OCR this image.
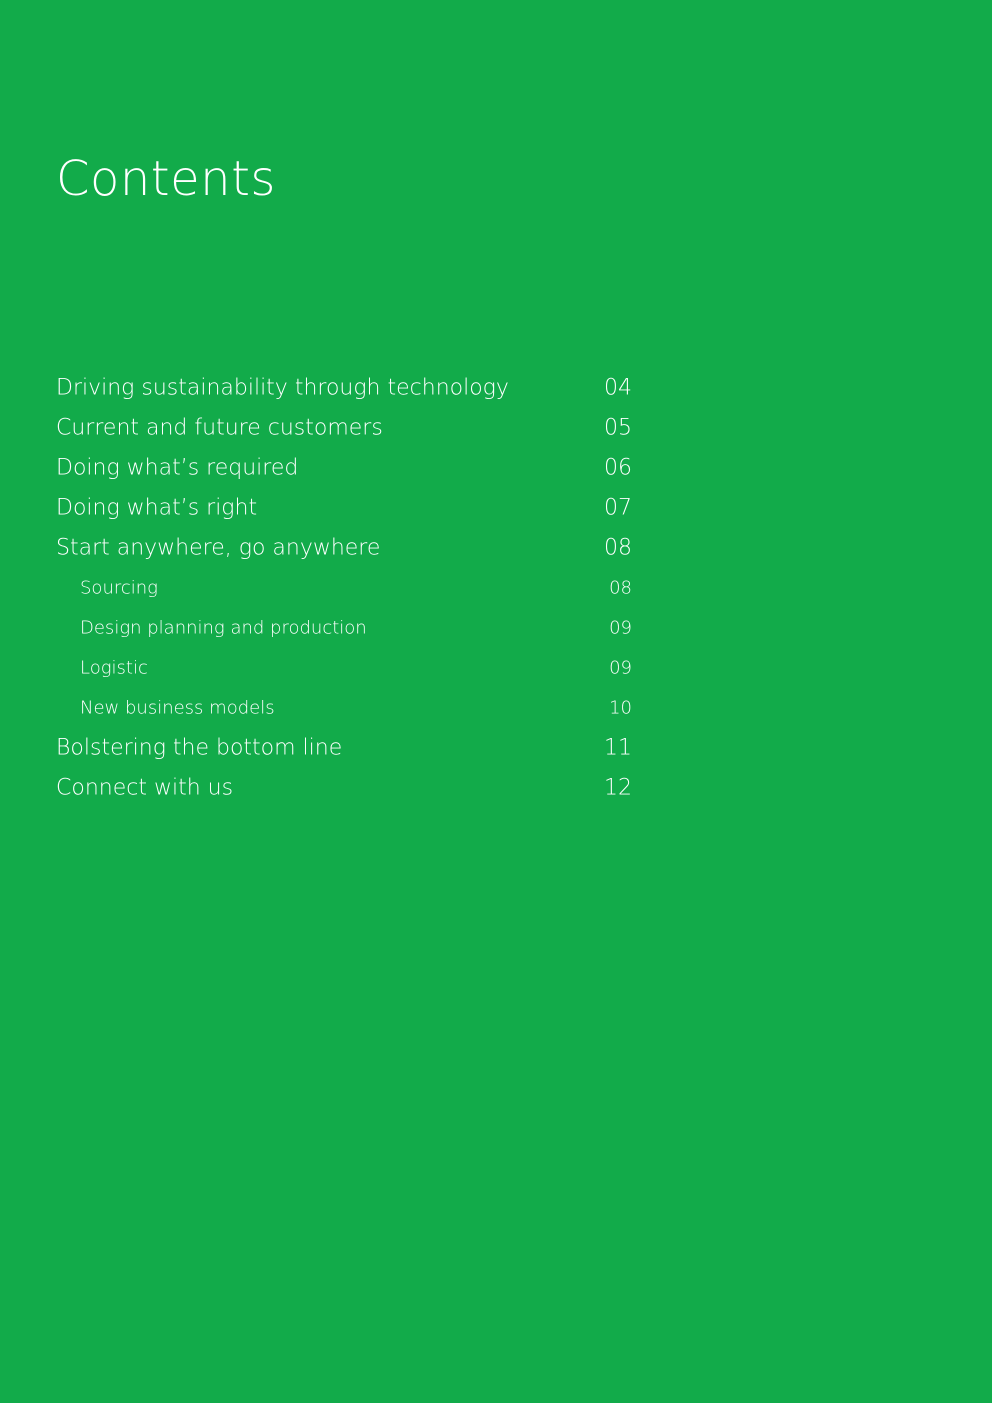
Contents
Driving sustainability through technology	04
Current and future customers	05
Doing what’s required	06
Doing what’s right	07
Start anywhere, go anywhere	08
Sourcing	08
Design planning and production	09
Logistic	09
New business models	10
Bolstering the bottom line	11
Connect with us	12
